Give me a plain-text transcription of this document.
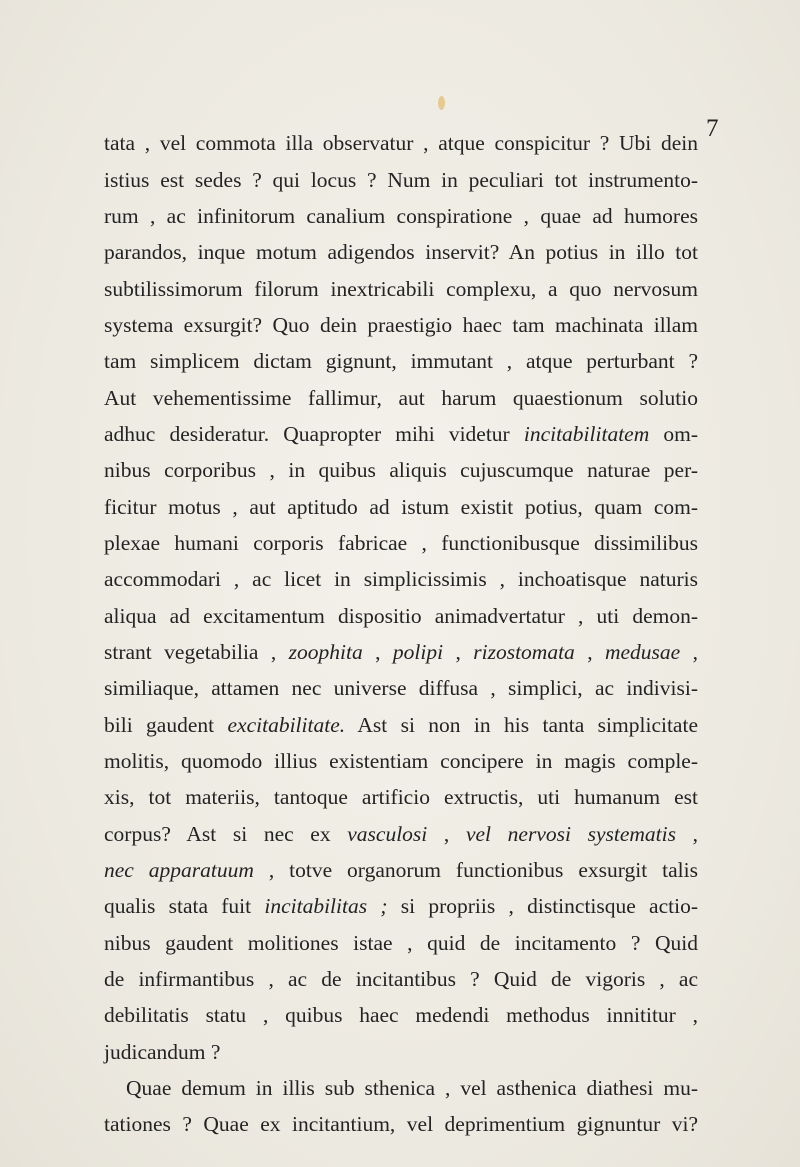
7

tata , vel commota illa observatur , atque conspicitur ? Ubi dein

istius est sedes ? qui locus ? Num in peculiari tot instrumento-

rum , ac infinitorum canalium conspiratione , quae ad humores

parandos, inque motum adigendos inservit? An potius in illo tot

subtilissimorum filorum inextricabili complexu, a quo nervosum

systema exsurgit? Quo dein praestigio haec tam machinata illam

tam simplicem dictam gignunt, immutant , atque perturbant ?

Aut vehementissime fallimur, aut harum quaestionum solutio

adhuc desideratur. Quapropter mihi videtur incitabilitatem om-

nibus corporibus , in quibus aliquis cujuscumque naturae per-

ficitur motus , aut aptitudo ad istum existit potius, quam com-

plexae humani corporis fabricae , functionibusque dissimilibus

accommodari , ac licet in simplicissimis , inchoatisque naturis

aliqua ad excitamentum dispositio animadvertatur , uti demon-

strant vegetabilia , zoophita , polipi , rizostomata , medusae ,

similiaque, attamen nec universe diffusa , simplici, ac indivisi-

bili gaudent excitabilitate. Ast si non in his tanta simplicitate

molitis, quomodo illius existentiam concipere in magis comple-

xis, tot materiis, tantoque artificio extructis, uti humanum est

corpus? Ast si nec ex vasculosi , vel nervosi systematis ,

nec apparatuum , totve organorum functionibus exsurgit talis

qualis stata fuit incitabilitas ; si propriis , distinctisque actio-

nibus gaudent molitiones istae , quid de incitamento ? Quid

de infirmantibus , ac de incitantibus ? Quid de vigoris , ac

debilitatis statu , quibus haec medendi methodus innititur ,

judicandum ?

Quae demum in illis sub sthenica , vel asthenica diathesi mu-

tationes ? Quae ex incitantium, vel deprimentium gignuntur vi?
